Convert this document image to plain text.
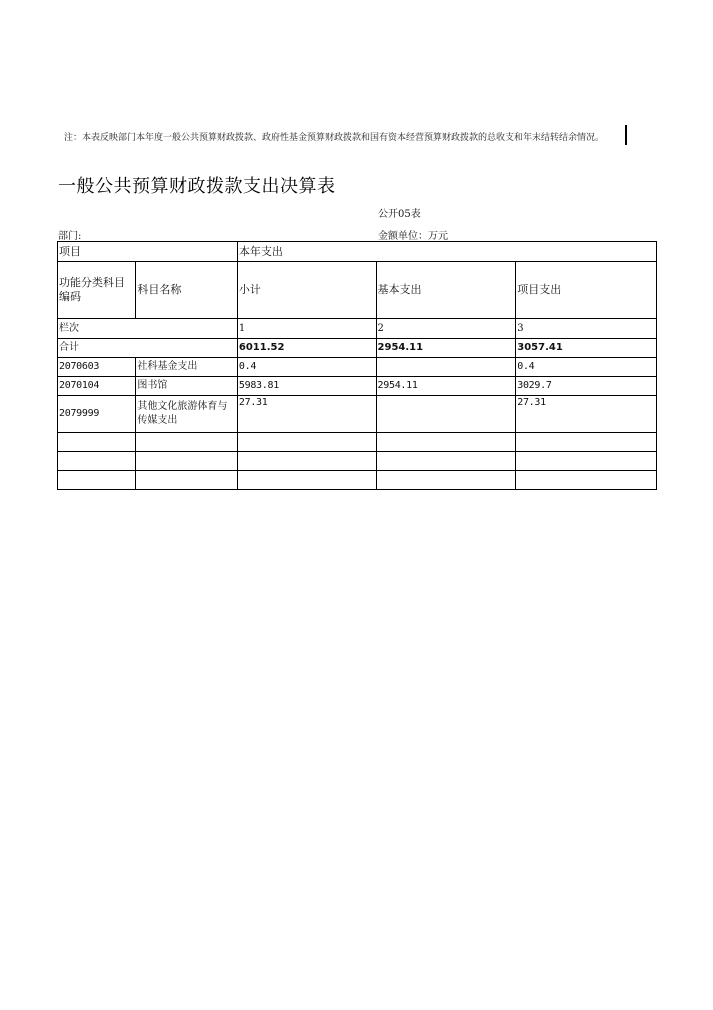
注：本表反映部门本年度一般公共预算财政拨款、政府性基金预算财政拨款和国有资本经营预算财政拨款的总收支和年末结转结余情况。
一般公共预算财政拨款支出决算表
公开05表
部门:	金额单位：万元
项目		本年支出		
功能分类科目编码	科目名称	小计	基本支出	项目支出
栏次		1	2	3
合计		6011.52	2954.11	3057.41
2070603	社科基金支出	0.4		0.4
2070104	图书馆	5983.81	2954.11	3029.7
2079999	其他文化旅游体育与传媒支出	27.31		27.31
